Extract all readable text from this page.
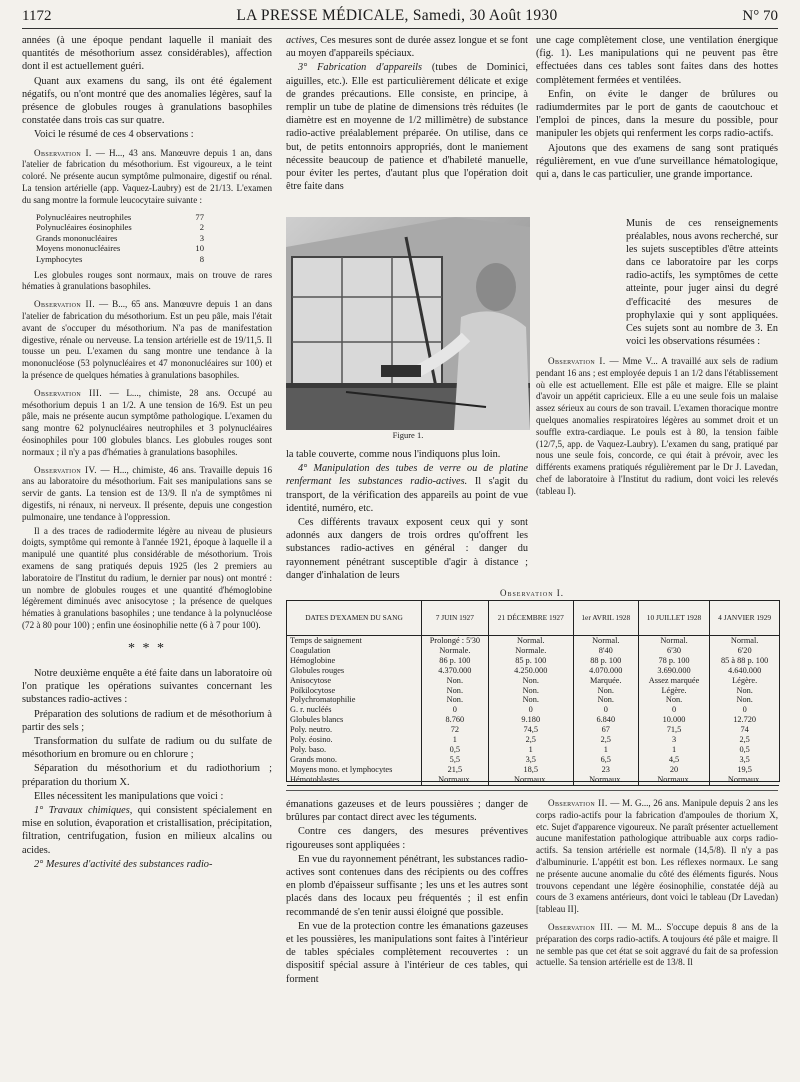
1172	LA PRESSE MÉDICALE, Samedi, 30 Août 1930	N° 70

années (à une époque pendant laquelle il maniait des quantités de mésothorium assez considérables), affection dont il est actuellement guéri.

Quant aux examens du sang, ils ont été également négatifs, ou n'ont montré que des anomalies légères, sauf la présence de globules rouges à granulations basophiles constatée dans trois cas sur quatre.

Voici le résumé de ces 4 observations :

Observation I. — H..., 43 ans. Manœuvre depuis 1 an, dans l'atelier de fabrication du mésothorium. Est vigoureux, a le teint coloré. Ne présente aucun symptôme pulmonaire, digestif ou rénal. La tension artérielle (app. Vaquez-Laubry) est de 21/13. L'examen du sang montre la formule leucocytaire suivante :

Polynucléaires neutrophiles	77
Polynucléaires éosinophiles	2
Grands mononucléaires	3
Moyens mononucléaires	10
Lymphocytes	8

Les globules rouges sont normaux, mais on trouve de rares hématies à granulations basophiles.

Observation II. — B..., 65 ans. Manœuvre depuis 1 an dans l'atelier de fabrication du mésothorium. Est un peu pâle, mais l'était avant de s'occuper du mésothorium. N'a pas de manifestation digestive, rénale ou nerveuse. La tension artérielle est de 19/11,5. Il tousse un peu. L'examen du sang montre une tendance à la mononucléose (53 polynucléaires et 47 mononucléaires sur 100) et la présence de quelques hématies à granulations basophiles.

Observation III. — L..., chimiste, 28 ans. Occupé au mésothorium depuis 1 an 1/2. A une tension de 16/9. Est un peu pâle, mais ne présente aucun symptôme pathologique. L'examen du sang montre 62 polynucléaires neutrophiles et 3 polynucléaires éosinophiles pour 100 globules blancs. Les globules rouges sont normaux ; il n'y a pas d'hématies à granulations basophiles.

Observation IV. — H..., chimiste, 46 ans. Travaille depuis 16 ans au laboratoire du mésothorium. Fait ses manipulations sans se servir de gants. La tension est de 13/9. Il n'a de symptômes ni digestifs, ni rénaux, ni nerveux. Il présente, depuis une congestion pulmonaire, une tendance à l'oppression.

Il a des traces de radiodermite légère au niveau de plusieurs doigts, symptôme qui remonte à l'année 1921, époque à laquelle il a manipulé une quantité plus considérable de mésothorium. Trois examens de sang pratiqués depuis 1925 (les 2 premiers au laboratoire de l'Institut du radium, le dernier par nous) ont montré : un nombre de globules rouges et une quantité d'hémoglobine légèrement diminués avec anisocytose ; la présence de quelques hématies à granulations basophiles ; une tendance à la polynucléose (72 à 80 pour 100) ; enfin une éosinophilie nette (6 à 7 pour 100).

* * *

Notre deuxième enquête a été faite dans un laboratoire où l'on pratique les opérations suivantes concernant les substances radio-actives :

Préparation des solutions de radium et de mésothorium à partir des sels ;

Transformation du sulfate de radium ou du sulfate de mésothorium en bromure ou en chlorure ;

Séparation du mésothorium et du radiothorium ; préparation du thorium X.

Elles nécessitent les manipulations que voici :

1° Travaux chimiques, qui consistent spécialement en mise en solution, évaporation et cristallisation, précipitation, filtration, centrifugation, fusion en milieux alcalins ou acides.

2° Mesures d'activité des substances radio-

actives, Ces mesures sont de durée assez longue et se font au moyen d'appareils spéciaux.

3° Fabrication d'appareils (tubes de Dominici, aiguilles, etc.). Elle est particulièrement délicate et exige de grandes précautions. Elle consiste, en principe, à remplir un tube de platine de dimensions très réduites (le diamètre est en moyenne de 1/2 millimètre) de substance radio-active préalablement préparée. On utilise, dans ce but, de petits entonnoirs appropriés, dont le maniement nécessite beaucoup de patience et d'habileté manuelle, pour éviter les pertes, d'autant plus que l'opération doit être faite dans

une cage complètement close, une ventilation énergique (fig. 1). Les manipulations qui ne peuvent pas être effectuées dans ces tables sont faites dans des hottes complètement fermées et ventilées.

Enfin, on évite le danger de brûlures ou radiumdermites par le port de gants de caoutchouc et l'emploi de pinces, dans la mesure du possible, pour manipuler les objets qui renferment les corps radio-actifs.

Ajoutons que des examens de sang sont pratiqués régulièrement, en vue d'une surveillance hématologique, qui a, dans le cas particulier, une grande importance.

Figure 1.

la table couverte, comme nous l'indiquons plus loin.

4° Manipulation des tubes de verre ou de platine renfermant les substances radio-actives. Il s'agit du transport, de la vérification des appareils au point de vue identité, numéro, etc.

Ces différents travaux exposent ceux qui y sont adonnés aux dangers de trois ordres qu'offrent les substances radio-actives en général : danger du rayonnement pénétrant susceptible d'agir à distance ; danger d'inhalation de leurs

Munis de ces renseignements préalables, nous avons recherché, sur les sujets susceptibles d'être atteints dans ce laboratoire par les corps radio-actifs, les symptômes de cette atteinte, pour juger ainsi du degré d'efficacité des mesures de prophylaxie qui y sont appliquées. Ces sujets sont au nombre de 3. En voici les observations résumées :

Observation I. — Mme V... A travaillé aux sels de radium pendant 16 ans ; est employée depuis 1 an 1/2 dans l'établissement où elle est actuellement. Elle est pâle et maigre. Elle se plaint d'avoir un appétit capricieux. Elle a eu une seule fois un malaise assez sérieux au cours de son travail. L'examen thoracique montre quelques anomalies respiratoires légères au sommet droit et un souffle extra-cardiaque. Le pouls est à 80, la tension faible (12/7,5, app. de Vaquez-Laubry). L'examen du sang, pratiqué par nous une seule fois, concorde, ce qui était à prévoir, avec les différents examens pratiqués régulièrement par le Dr J. Lavedan, chef de laboratoire à l'Institut du radium, dont voici les relevés (tableau I).

Observation I.
DATES D'EXAMEN DU SANG	7 JUIN 1927	21 DÉCEMBRE 1927	1er AVRIL 1928	10 JUILLET 1928	4 JANVIER 1929
Temps de saignement	Prolongé : 5'30	Normal.	Normal.	Normal.	Normal.
Coagulation	Normale.	Normale.	8'40	6'30	6'20
Hémoglobine	86 p. 100	85 p. 100	88 p. 100	78 p. 100	85 à 88 p. 100
Globules rouges	4.370.000	4.250.000	4.070.000	3.690.000	4.640.000
Anisocytose	Non.	Non.	Marquée.	Assez marquée	Légère.
Poïkilocytose	Non.	Non.	Non.	Légère.	Non.
Polychromatophilie	Non.	Non.	Non.	Non.	Non.
G. r. nucléés	0	0	0	0	0
Globules blancs	8.760	9.180	6.840	10.000	12.720
Poly. neutro.	72	74,5	67	71,5	74
Poly. éosino.	1	2,5	2,5	3	2,5
Poly. baso.	0,5	1	1	1	0,5
Grands mono.	5,5	3,5	6,5	4,5	3,5
Moyens mono. et lymphocytes	21,5	18,5	23	20	19,5
Hémotoblastes	Normaux.	Normaux.	Normaux.	Normaux.	Normaux.

émanations gazeuses et de leurs poussières ; danger de brûlures par contact direct avec les téguments.

Contre ces dangers, des mesures préventives rigoureuses sont appliquées :

En vue du rayonnement pénétrant, les substances radio-actives sont contenues dans des récipients ou des coffres en plomb d'épaisseur suffisante ; les uns et les autres sont placés dans des locaux peu fréquentés ; il est enfin recommandé de s'en tenir aussi éloigné que possible.

En vue de la protection contre les émanations gazeuses et les poussières, les manipulations sont faites à l'intérieur de tables spéciales complètement recouvertes : un dispositif spécial assure à l'intérieur de ces tables, qui forment

Observation II. — M. G..., 26 ans. Manipule depuis 2 ans les corps radio-actifs pour la fabrication d'ampoules de thorium X, etc. Sujet d'apparence vigoureux. Ne paraît présenter actuellement aucune manifestation pathologique attribuable aux corps radio-actifs. Sa tension artérielle est normale (14,5/8). Il n'y a pas d'albuminurie. L'appétit est bon. Les réflexes normaux. Le sang ne présente aucune anomalie du côté des éléments figurés. Nous trouvons cependant une légère éosinophilie, constatée déjà au cours de 3 examens antérieurs, dont voici le tableau (Dr Lavedan) [tableau II].

Observation III. — M. M... S'occupe depuis 8 ans de la préparation des corps radio-actifs. A toujours été pâle et maigre. Il ne semble pas que cet état se soit aggravé du fait de sa profession actuelle. Sa tension artérielle est de 13/8. Il
